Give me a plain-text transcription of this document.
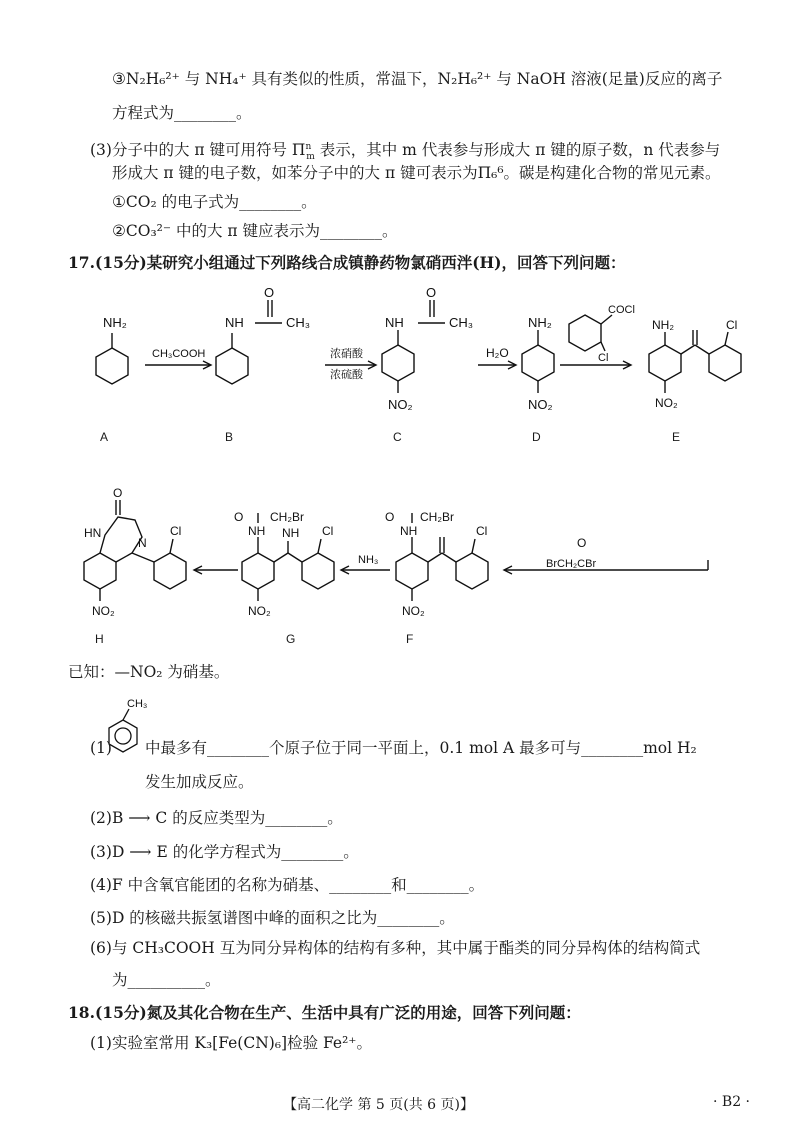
③N₂H₆²⁺ 与 NH₄⁺ 具有类似的性质，常温下，N₂H₆²⁺ 与 NaOH 溶液(足量)反应的离子
方程式为________。
(3)分子中的大 π 键可用符号 $\Pi^n_m$ 表示，其中 m 代表参与形成大 π 键的原子数，n 代表参与
形成大 π 键的电子数，如苯分子中的大 π 键可表示为Π₆⁶。碳是构建化合物的常见元素。
①CO₂ 的电子式为________。
②CO₃²⁻ 中的大 π 键应表示为________。
17.(15分)某研究小组通过下列路线合成镇静药物氯硝西泮(H)，回答下列问题：
NH₂
CH₃COOH
NH
O
CH₃
浓硝酸
浓硫酸
NH
O
CH₃
NO₂
H₂O
NH₂
NO₂
COCl
Cl
NH₂	Cl
NO₂
O
BrCH₂CBr
O CH₂Br
NH	Cl
NO₂
NH₃
O CH₂Br
NH NH Cl
NO₂
O
HN
N
Cl
NO₂
A	B	C	D	E
H	G	F
已知：—NO₂ 为硝基。
CH₃
(1) 中最多有________个原子位于同一平面上，0.1 mol A 最多可与________mol H₂
发生加成反应。
(2)B ⟶ C 的反应类型为________。
(3)D ⟶ E 的化学方程式为________。
(4)F 中含氧官能团的名称为硝基、________和________。
(5)D 的核磁共振氢谱图中峰的面积之比为________。
(6)与 CH₃COOH 互为同分异构体的结构有多种，其中属于酯类的同分异构体的结构简式
为__________。
18.(15分)氮及其化合物在生产、生活中具有广泛的用途，回答下列问题：
(1)实验室常用 K₃[Fe(CN)₆]检验 Fe²⁺。
【高二化学 第 5 页(共 6 页)】	· B2 ·
